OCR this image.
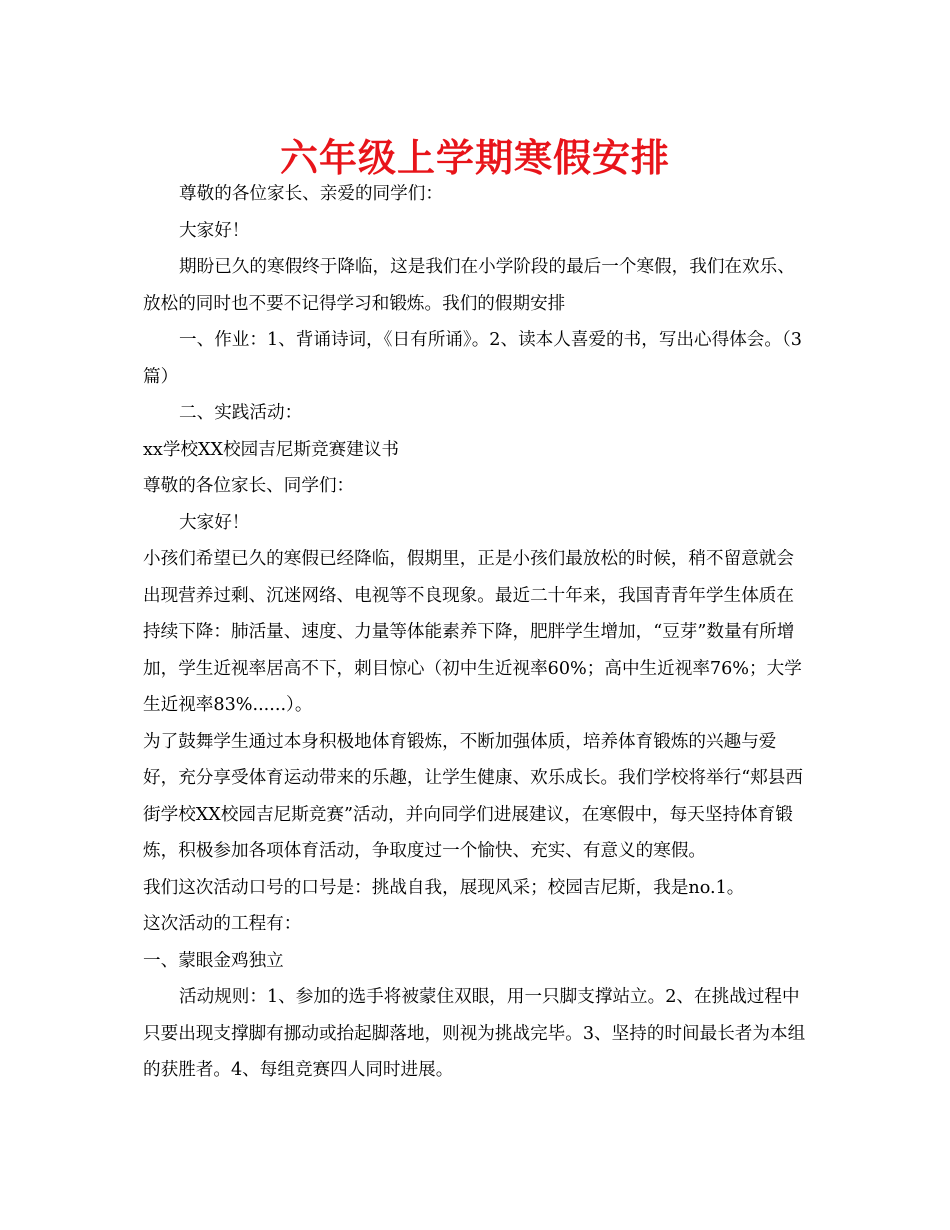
六年级上学期寒假安排

尊敬的各位家长、亲爱的同学们：

大家好！

期盼已久的寒假终于降临，这是我们在小学阶段的最后一个寒假，我们在欢乐、放松的同时也不要不记得学习和锻炼。我们的假期安排

一、作业：1、背诵诗词，《日有所诵》。2、读本人喜爱的书，写出心得体会。（3篇）

二、实践活动：

xx学校XX校园吉尼斯竞赛建议书

尊敬的各位家长、同学们：

大家好！

小孩们希望已久的寒假已经降临，假期里，正是小孩们最放松的时候，稍不留意就会出现营养过剩、沉迷网络、电视等不良现象。最近二十年来，我国青青年学生体质在持续下降：肺活量、速度、力量等体能素养下降，肥胖学生增加，“豆芽”数量有所增加，学生近视率居高不下，刺目惊心（初中生近视率60%；高中生近视率76%；大学生近视率83%......）。

为了鼓舞学生通过本身积极地体育锻炼，不断加强体质，培养体育锻炼的兴趣与爱好，充分享受体育运动带来的乐趣，让学生健康、欢乐成长。我们学校将举行“郏县西街学校XX校园吉尼斯竞赛”活动，并向同学们进展建议，在寒假中，每天坚持体育锻炼，积极参加各项体育活动，争取度过一个愉快、充实、有意义的寒假。

我们这次活动口号的口号是：挑战自我，展现风采；校园吉尼斯，我是no.1。

这次活动的工程有：

一、蒙眼金鸡独立

活动规则：1、参加的选手将被蒙住双眼，用一只脚支撑站立。2、在挑战过程中只要出现支撑脚有挪动或抬起脚落地，则视为挑战完毕。3、坚持的时间最长者为本组的获胜者。4、每组竞赛四人同时进展。
